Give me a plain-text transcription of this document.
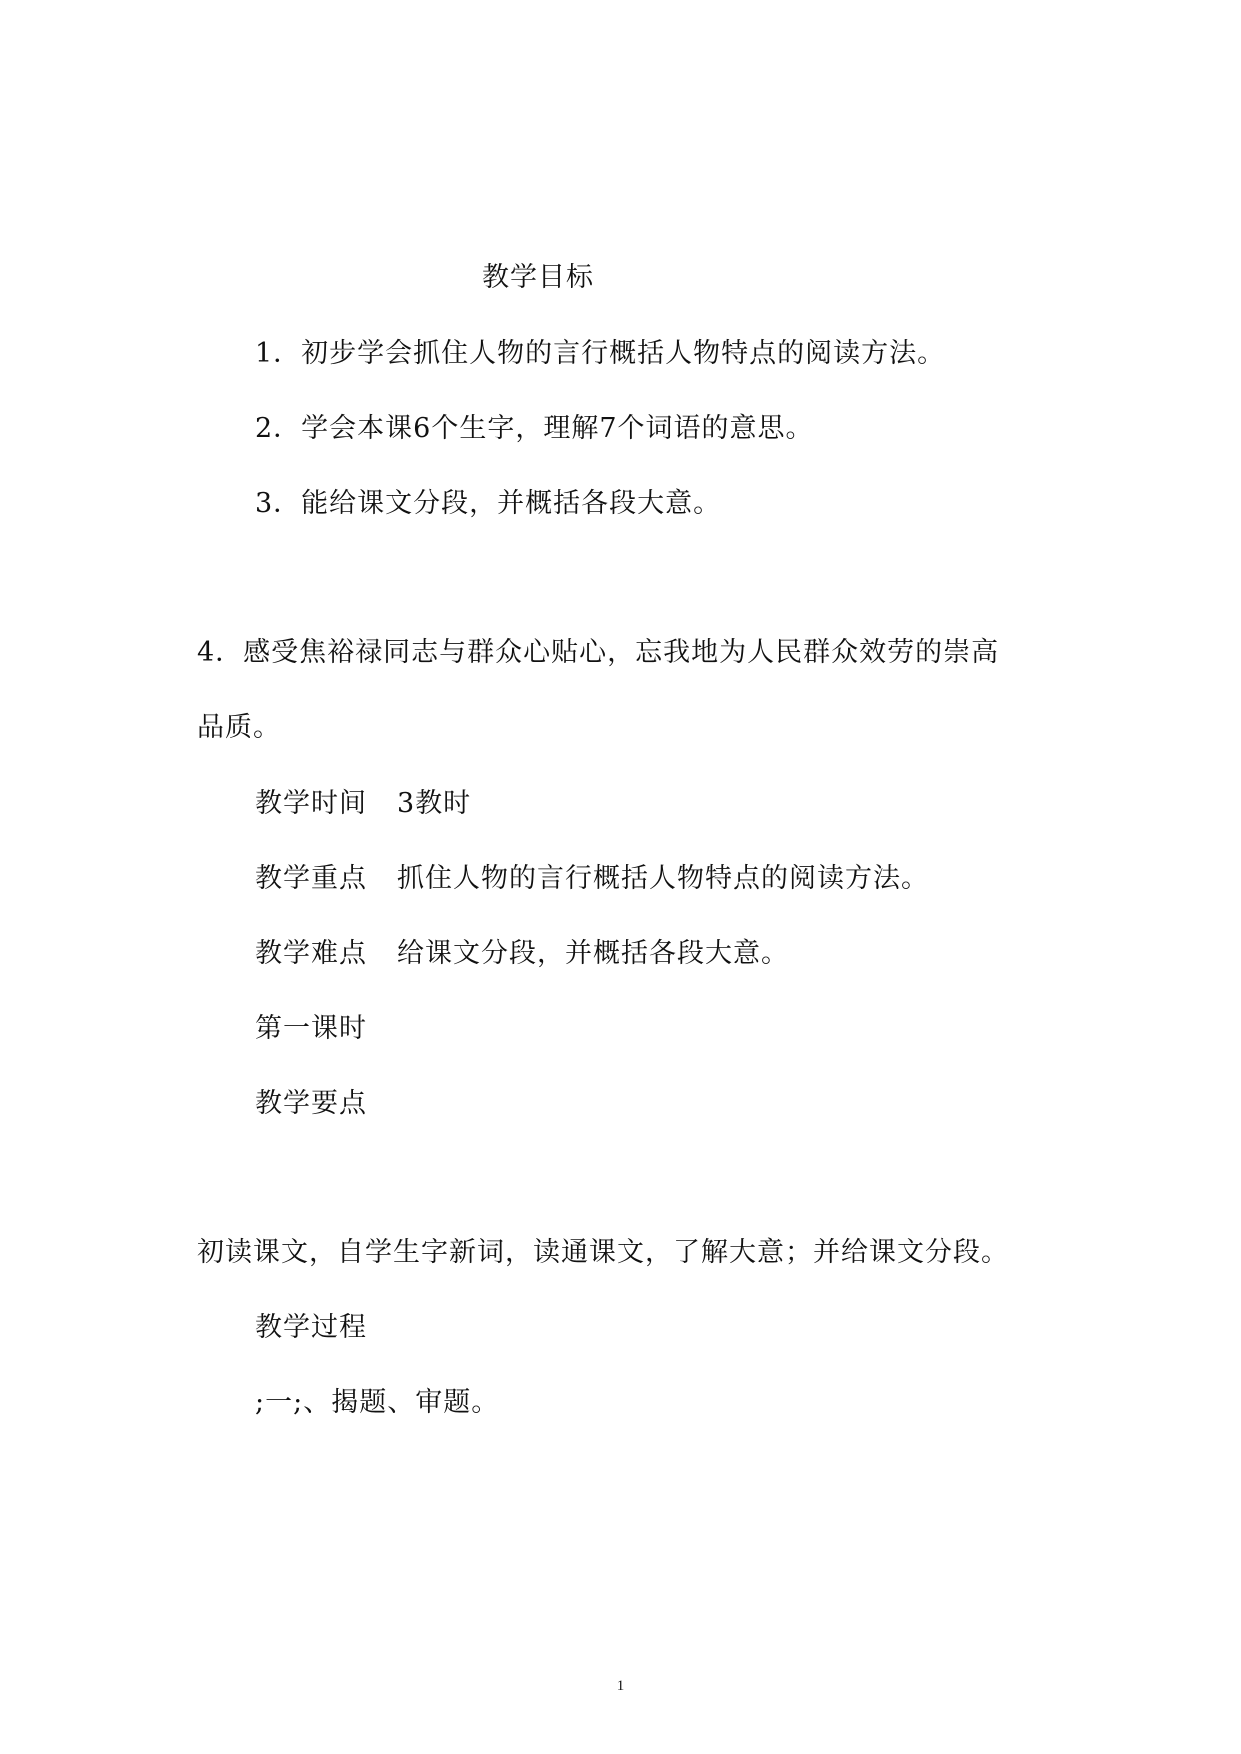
教学目标
1．初步学会抓住人物的言行概括人物特点的阅读方法。
2．学会本课6个生字，理解7个词语的意思。
3．能给课文分段，并概括各段大意。
4．感受焦裕禄同志与群众心贴心，忘我地为人民群众效劳的崇高
品质。
教学时间 3教时
教学重点 抓住人物的言行概括人物特点的阅读方法。
教学难点 给课文分段，并概括各段大意。
第一课时
教学要点
初读课文，自学生字新词，读通课文，了解大意；并给课文分段。
教学过程
;一;、揭题、审题。
1
